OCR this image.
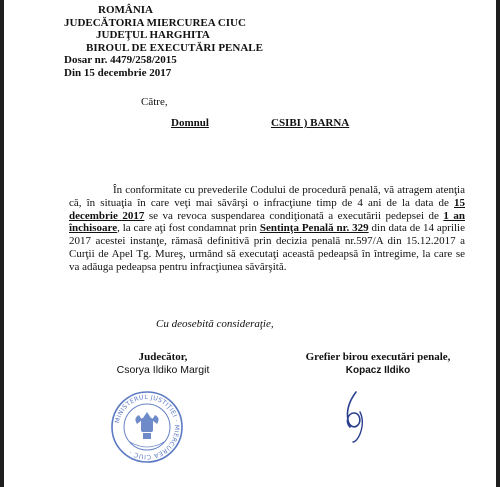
ROMÂNIA
JUDECĂTORIA MIERCUREA CIUC
JUDEŢUL HARGHITA
BIROUL DE EXECUTĂRI PENALE
Dosar nr. 4479/258/2015
Din 15 decembrie 2017
Către,
Domnul	CSIBI ) BARNA

În conformitate cu prevederile Codului de procedură penală, vă atragem atenţia că, în situaţia în care veţi mai săvârşi o infracţiune timp de 4 ani de la data de 15 decembrie 2017 se va revoca suspendarea condiţionată a executării pedepsei de 1 an închisoare, la care aţi fost condamnat prin Sentinţa Penală nr. 329 din data de 14 aprilie 2017 acestei instanţe, rămasă definitivă prin decizia penală nr.597/A din 15.12.2017 a Curţii de Apel Tg. Mureş, urmând să executaţi această pedeapsă în întregime, la care se va adăuga pedeapsa pentru infracţiunea săvârşită.

Cu deosebită consideraţie,
Judecător,
Csorya Ildiko Margit
Grefier birou executări penale,
Kopacz Ildiko
MINISTERUL JUSTIŢIEI · MIERCUREA CIUC ·
